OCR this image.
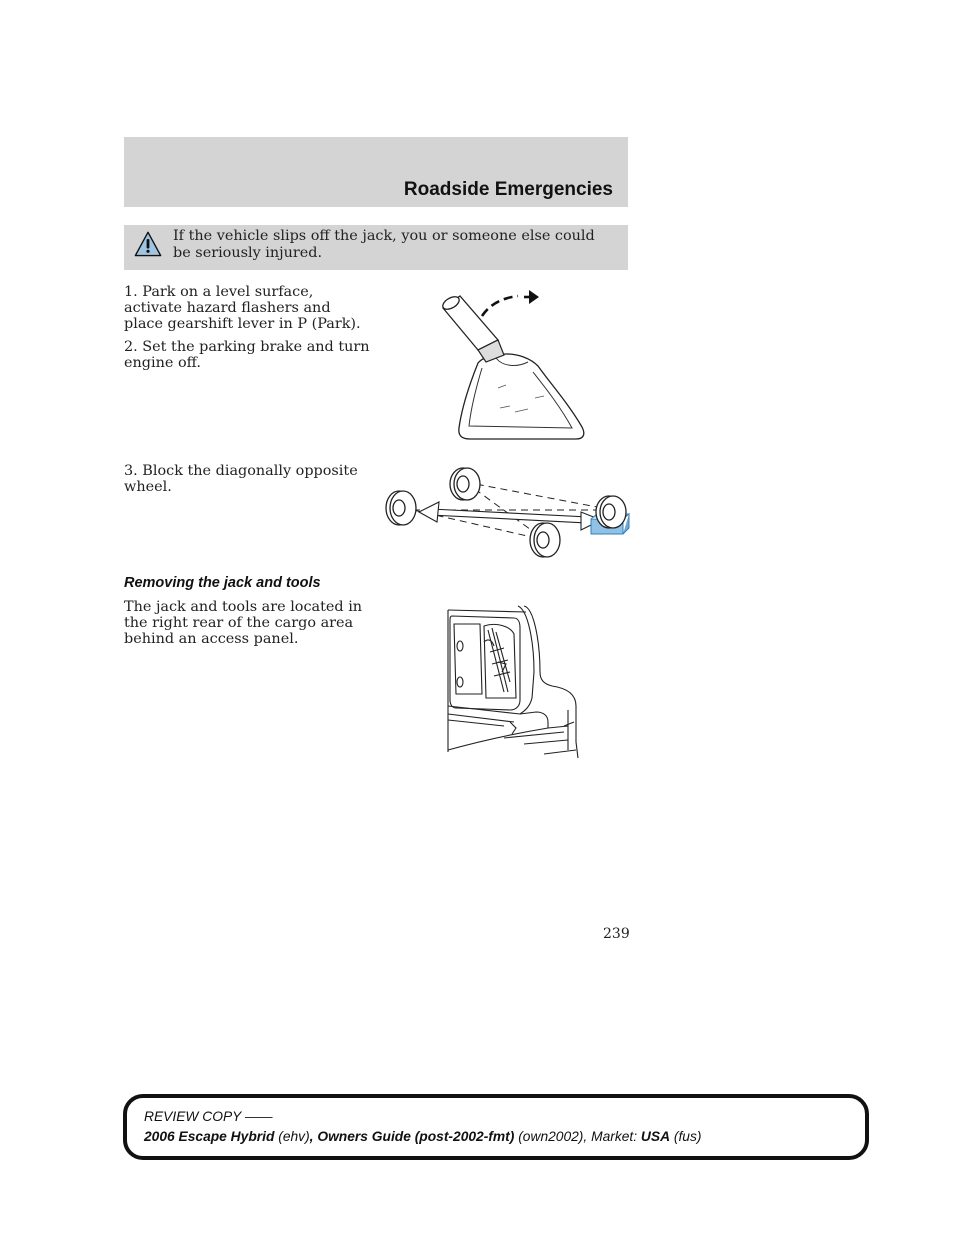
Roadside Emergencies
If the vehicle slips off the jack, you or someone else could be seriously injured.
1. Park on a level surface, activate hazard flashers and place gearshift lever in P (Park).
2. Set the parking brake and turn engine off.
3. Block the diagonally opposite wheel.
Removing the jack and tools
The jack and tools are located in the right rear of the cargo area behind an access panel.
239
REVIEW COPY ——
2006 Escape Hybrid (ehv), Owners Guide (post-2002-fmt) (own2002), Market: USA (fus)
